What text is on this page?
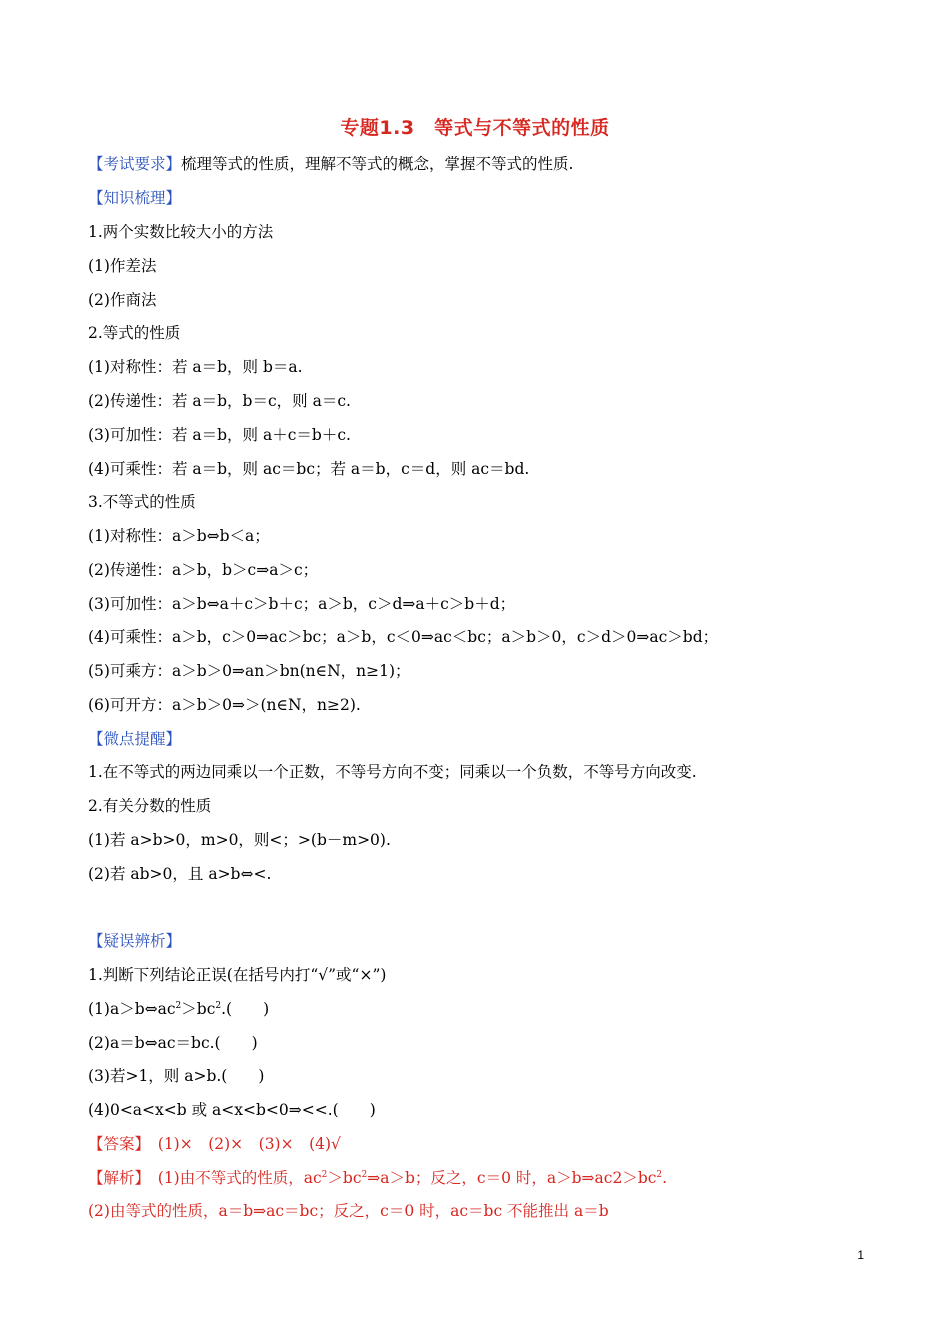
专题1.3　等式与不等式的性质
【考试要求】梳理等式的性质，理解不等式的概念，掌握不等式的性质.
【知识梳理】
1.两个实数比较大小的方法
(1)作差法
(2)作商法
2.等式的性质
(1)对称性：若 a＝b，则 b＝a.
(2)传递性：若 a＝b，b＝c，则 a＝c.
(3)可加性：若 a＝b，则 a＋c＝b＋c.
(4)可乘性：若 a＝b，则 ac＝bc；若 a＝b，c＝d，则 ac＝bd.
3.不等式的性质
(1)对称性：a＞b⇔b＜a；
(2)传递性：a＞b，b＞c⇒a＞c；
(3)可加性：a＞b⇔a＋c＞b＋c；a＞b，c＞d⇒a＋c＞b＋d；
(4)可乘性：a＞b，c＞0⇒ac＞bc；a＞b，c＜0⇒ac＜bc；a＞b＞0，c＞d＞0⇒ac＞bd；
(5)可乘方：a＞b＞0⇒an＞bn(n∈N，n≥1)；
(6)可开方：a＞b＞0⇒＞(n∈N，n≥2).
【微点提醒】
1.在不等式的两边同乘以一个正数，不等号方向不变；同乘以一个负数，不等号方向改变.
2.有关分数的性质
(1)若 a>b>0，m>0，则<；>(b－m>0).
(2)若 ab>0，且 a>b⇔<.
【疑误辨析】
1.判断下列结论正误(在括号内打“√”或“×”)
$(1)a>b\Leftrightarrow ac^2>bc^2$.(　　)
(2)a＝b⇔ac＝bc.(　　)
(3)若>1，则 a>b.(　　)
(4)0<a<x<b 或 a<x<b<0⇒<<.(　　)
【答案】　(1)×　(2)×　(3)×　(4)√
【解析】　(1)由不等式的性质，$ac^2>bc^2\Rightarrow a>b$；反之，c＝0 时，$a>b\Rightarrow ac2>bc^2$.
(2)由等式的性质，a＝b⇒ac＝bc；反之，c＝0 时，ac＝bc 不能推出 a＝b
1
